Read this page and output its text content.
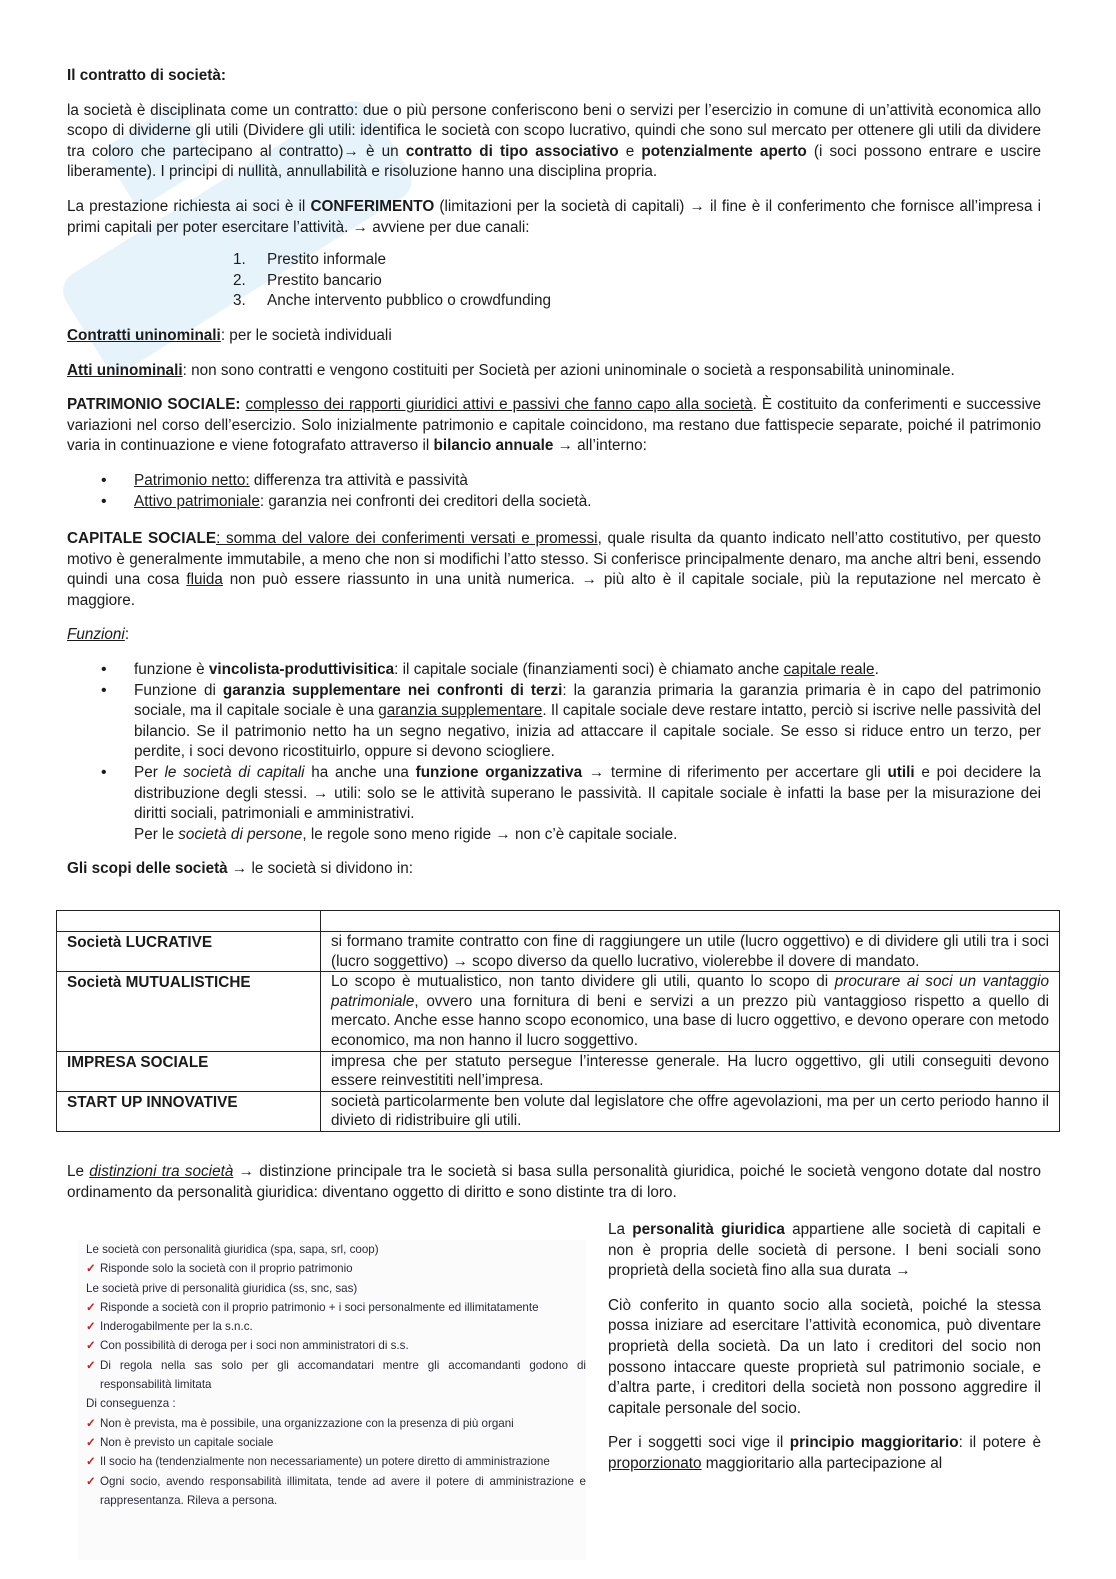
Il contratto di società:

la società è disciplinata come un contratto: due o più persone conferiscono beni o servizi per l’esercizio in comune di un’attività economica allo scopo di dividerne gli utili (Dividere gli utili: identifica le società con scopo lucrativo, quindi che sono sul mercato per ottenere gli utili da dividere tra coloro che partecipano al contratto)→ è un contratto di tipo associativo e potenzialmente aperto (i soci possono entrare e uscire liberamente). I principi di nullità, annullabilità e risoluzione hanno una disciplina propria.

La prestazione richiesta ai soci è il CONFERIMENTO (limitazioni per la società di capitali) → il fine è il conferimento che fornisce all’impresa i primi capitali per poter esercitare l’attività. → avviene per due canali:

1. Prestito informale
2. Prestito bancario
3. Anche intervento pubblico o crowdfunding

Contratti uninominali: per le società individuali

Atti uninominali: non sono contratti e vengono costituiti per Società per azioni uninominale o società a responsabilità uninominale.

PATRIMONIO SOCIALE: complesso dei rapporti giuridici attivi e passivi che fanno capo alla società. È costituito da conferimenti e successive variazioni nel corso dell’esercizio. Solo inizialmente patrimonio e capitale coincidono, ma restano due fattispecie separate, poiché il patrimonio varia in continuazione e viene fotografato attraverso il bilancio annuale → all’interno:

• Patrimonio netto: differenza tra attività e passività
• Attivo patrimoniale: garanzia nei confronti dei creditori della società.

CAPITALE SOCIALE: somma del valore dei conferimenti versati e promessi, quale risulta da quanto indicato nell’atto costitutivo, per questo motivo è generalmente immutabile, a meno che non si modifichi l’atto stesso. Si conferisce principalmente denaro, ma anche altri beni, essendo quindi una cosa fluida non può essere riassunto in una unità numerica. → più alto è il capitale sociale, più la reputazione nel mercato è maggiore.

Funzioni:

• funzione è vincolista-produttivisitica: il capitale sociale (finanziamenti soci) è chiamato anche capitale reale.
• Funzione di garanzia supplementare nei confronti di terzi: la garanzia primaria la garanzia primaria è in capo del patrimonio sociale, ma il capitale sociale è una garanzia supplementare. Il capitale sociale deve restare intatto, perciò si iscrive nelle passività del bilancio. Se il patrimonio netto ha un segno negativo, inizia ad attaccare il capitale sociale. Se esso si riduce entro un terzo, per perdite, i soci devono ricostituirlo, oppure si devono sciogliere.
• Per le società di capitali ha anche una funzione organizzativa → termine di riferimento per accertare gli utili e poi decidere la distribuzione degli stessi. → utili: solo se le attività superano le passività. Il capitale sociale è infatti la base per la misurazione dei diritti sociali, patrimoniali e amministrativi.
Per le società di persone, le regole sono meno rigide → non c’è capitale sociale.

Gli scopi delle società → le società si dividono in:

Società LUCRATIVE	si formano tramite contratto con fine di raggiungere un utile (lucro oggettivo) e di dividere gli utili tra i soci (lucro soggettivo) → scopo diverso da quello lucrativo, violerebbe il dovere di mandato.
Società MUTUALISTICHE	Lo scopo è mutualistico, non tanto dividere gli utili, quanto lo scopo di procurare ai soci un vantaggio patrimoniale, ovvero una fornitura di beni e servizi a un prezzo più vantaggioso rispetto a quello di mercato. Anche esse hanno scopo economico, una base di lucro oggettivo, e devono operare con metodo economico, ma non hanno il lucro soggettivo.
IMPRESA SOCIALE	impresa che per statuto persegue l’interesse generale. Ha lucro oggettivo, gli utili conseguiti devono essere reinvestititi nell’impresa.
START UP INNOVATIVE	società particolarmente ben volute dal legislatore che offre agevolazioni, ma per un certo periodo hanno il divieto di ridistribuire gli utili.

Le distinzioni tra società → distinzione principale tra le società si basa sulla personalità giuridica, poiché le società vengono dotate dal nostro ordinamento da personalità giuridica: diventano oggetto di diritto e sono distinte tra di loro.

Le società con personalità giuridica (spa, sapa, srl, coop)
✓ Risponde solo la società con il proprio patrimonio
Le società prive di personalità giuridica (ss, snc, sas)
✓ Risponde a società con il proprio patrimonio + i soci personalmente ed illimitatamente
✓ Inderogabilmente per la s.n.c.
✓ Con possibilità di deroga per i soci non amministratori di s.s.
✓ Di regola nella sas solo per gli accomandatari mentre gli accomandanti godono di responsabilità limitata
Di conseguenza :
✓ Non è prevista, ma è possibile, una organizzazione con la presenza di più organi
✓ Non è previsto un capitale sociale
✓ Il socio ha (tendenzialmente non necessariamente) un potere diretto di amministrazione
✓ Ogni socio, avendo responsabilità illimitata, tende ad avere il potere di amministrazione e rappresentanza. Rileva a persona.

La personalità giuridica appartiene alle società di capitali e non è propria delle società di persone. I beni sociali sono proprietà della società fino alla sua durata →

Ciò conferito in quanto socio alla società, poiché la stessa possa iniziare ad esercitare l’attività economica, può diventare proprietà della società. Da un lato i creditori del socio non possono intaccare queste proprietà sul patrimonio sociale, e d’altra parte, i creditori della società non possono aggredire il capitale personale del socio.

Per i soggetti soci vige il principio maggioritario: il potere è proporzionato maggioritario alla partecipazione al
